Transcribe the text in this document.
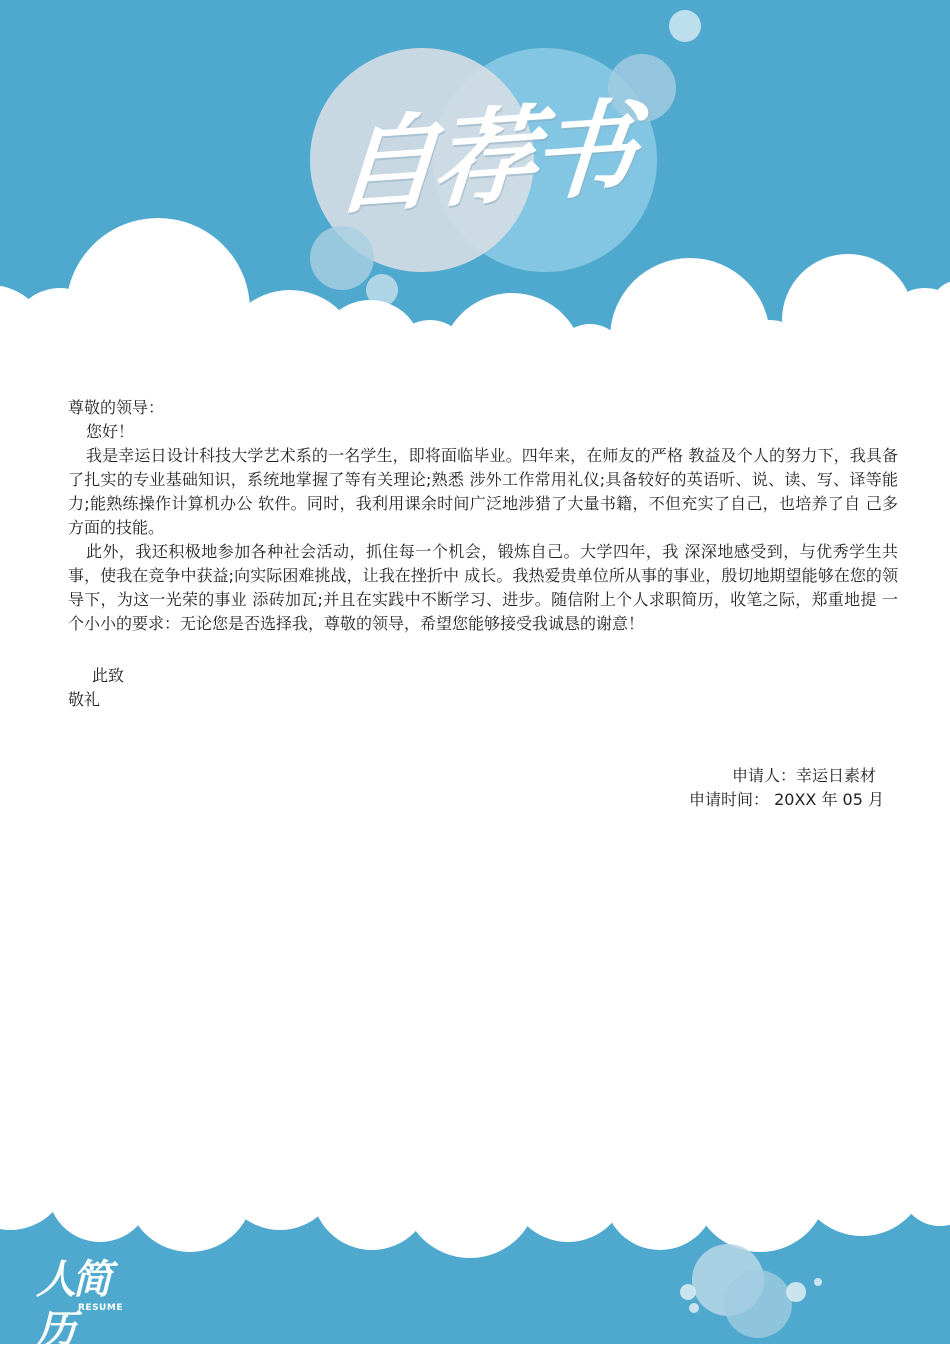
自荐书

尊敬的领导：

您好！

我是幸运日设计科技大学艺术系的一名学生，即将面临毕业。四年来，在师友的严格 教益及个人的努力下，我具备了扎实的专业基础知识，系统地掌握了等有关理论;熟悉 涉外工作常用礼仪;具备较好的英语听、说、读、写、译等能力;能熟练操作计算机办公 软件。同时，我利用课余时间广泛地涉猎了大量书籍，不但充实了自己，也培养了自 己多方面的技能。

此外，我还积极地参加各种社会活动，抓住每一个机会，锻炼自己。大学四年，我 深深地感受到，与优秀学生共事，使我在竞争中获益;向实际困难挑战，让我在挫折中 成长。我热爱贵单位所从事的事业，殷切地期望能够在您的领导下，为这一光荣的事业 添砖加瓦;并且在实践中不断学习、进步。随信附上个人求职简历，收笔之际，郑重地提 一个小小的要求：无论您是否选择我，尊敬的领导，希望您能够接受我诚恳的谢意！

此致

敬礼

申请人：幸运日素材
申请时间： 20XX 年 05 月
人简历 RESUME
